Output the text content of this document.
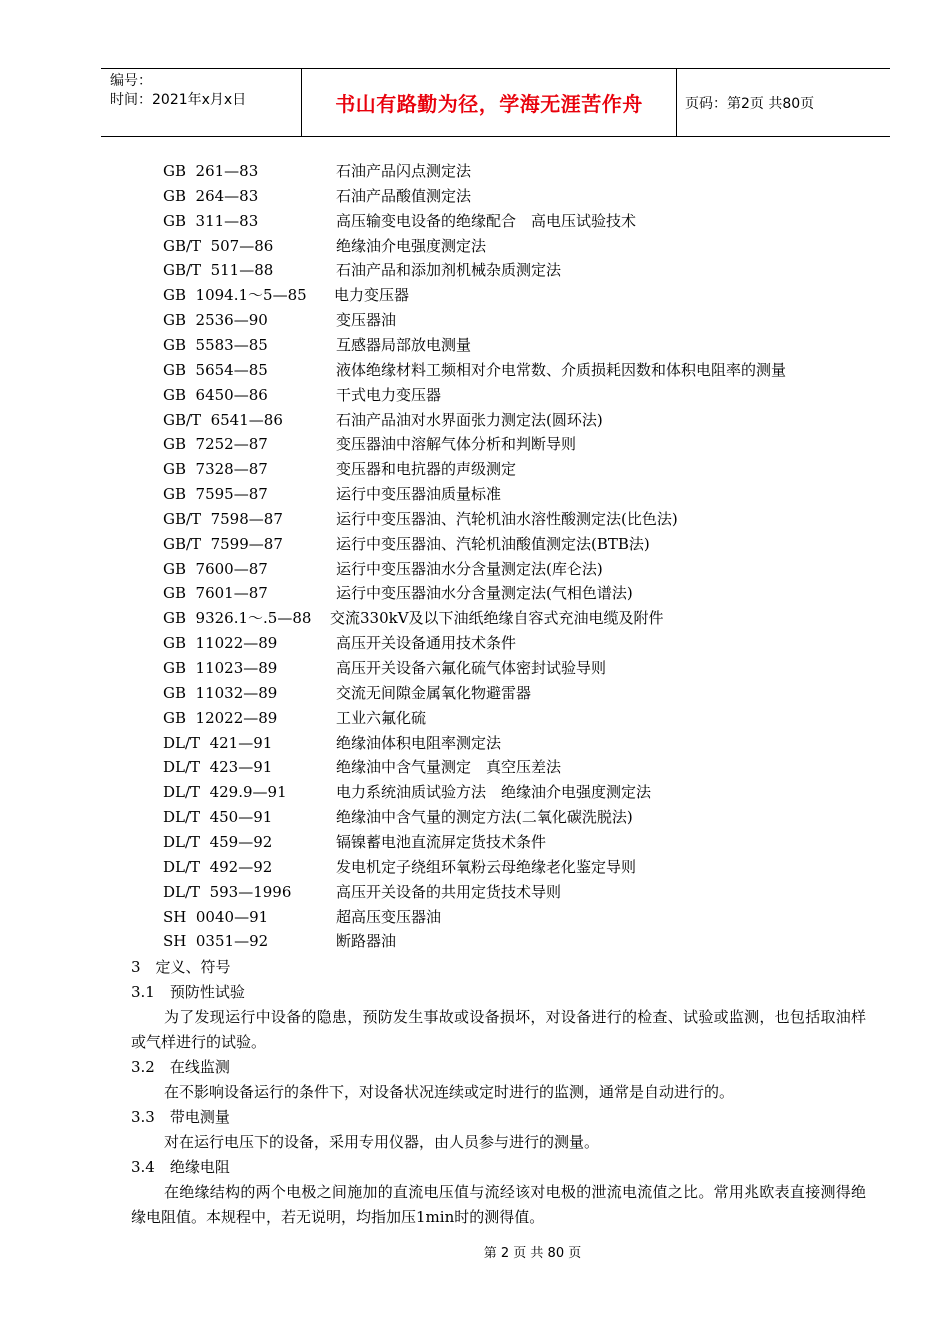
编号：
时间：2021年x月x日	书山有路勤为径，学海无涯苦作舟	页码：第2页 共80页
GB  261—83	石油产品闪点测定法
GB  264—83	石油产品酸值测定法
GB  311—83	高压输变电设备的绝缘配合　高电压试验技术
GB/T  507—86	绝缘油介电强度测定法
GB/T  511—88	石油产品和添加剂机械杂质测定法
GB  1094.1～5—85 电力变压器
GB  2536—90	变压器油
GB  5583—85	互感器局部放电测量
GB  5654—85	液体绝缘材料工频相对介电常数、介质损耗因数和体积电阻率的测量
GB  6450—86	干式电力变压器
GB/T  6541—86	石油产品油对水界面张力测定法(圆环法)
GB  7252—87	变压器油中溶解气体分析和判断导则
GB  7328—87	变压器和电抗器的声级测定
GB  7595—87	运行中变压器油质量标准
GB/T  7598—87	运行中变压器油、汽轮机油水溶性酸测定法(比色法)
GB/T  7599—87	运行中变压器油、汽轮机油酸值测定法(BTB法)
GB  7600—87	运行中变压器油水分含量测定法(库仑法)
GB  7601—87	运行中变压器油水分含量测定法(气相色谱法)
GB  9326.1～.5—88 交流330kV及以下油纸绝缘自容式充油电缆及附件
GB  11022—89	高压开关设备通用技术条件
GB  11023—89	高压开关设备六氟化硫气体密封试验导则
GB  11032—89	交流无间隙金属氧化物避雷器
GB  12022—89	工业六氟化硫
DL/T  421—91	绝缘油体积电阻率测定法
DL/T  423—91	绝缘油中含气量测定　真空压差法
DL/T  429.9—91	电力系统油质试验方法　绝缘油介电强度测定法
DL/T  450—91	绝缘油中含气量的测定方法(二氧化碳洗脱法)
DL/T  459—92	镉镍蓄电池直流屏定货技术条件
DL/T  492—92	发电机定子绕组环氧粉云母绝缘老化鉴定导则
DL/T  593—1996	高压开关设备的共用定货技术导则
SH  0040—91	超高压变压器油
SH  0351—92	断路器油
3　定义、符号
3.1　预防性试验
为了发现运行中设备的隐患，预防发生事故或设备损坏，对设备进行的检查、试验或监测，也包括取油样或气样进行的试验。
3.2　在线监测
在不影响设备运行的条件下，对设备状况连续或定时进行的监测，通常是自动进行的。
3.3　带电测量
对在运行电压下的设备，采用专用仪器，由人员参与进行的测量。
3.4　绝缘电阻
在绝缘结构的两个电极之间施加的直流电压值与流经该对电极的泄流电流值之比。常用兆欧表直接测得绝缘电阻值。本规程中，若无说明，均指加压1min时的测得值。
第 2 页 共 80 页
